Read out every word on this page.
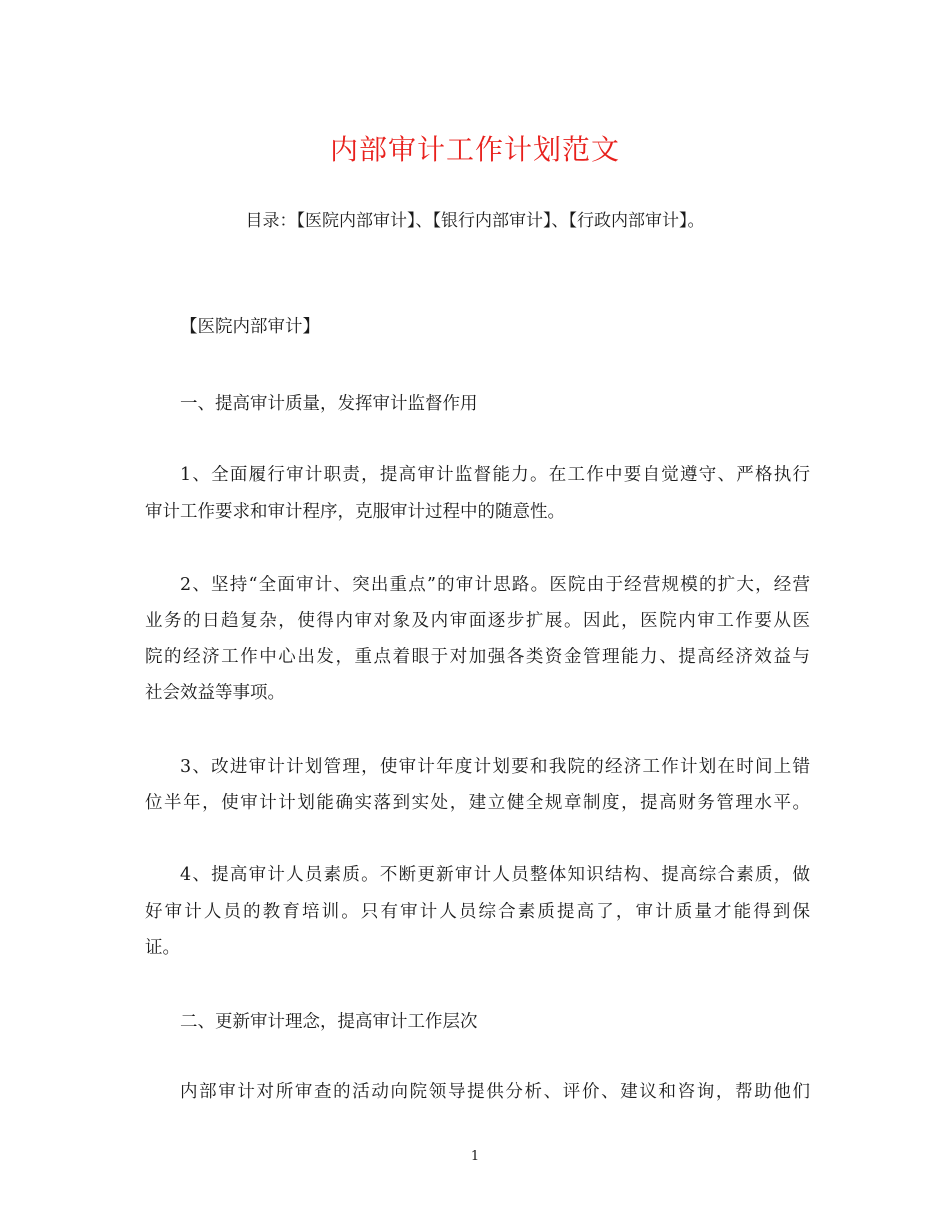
内部审计工作计划范文
目录：【医院内部审计】、【银行内部审计】、【行政内部审计】。
【医院内部审计】
一、提高审计质量，发挥审计监督作用
1、全面履行审计职责，提高审计监督能力。在工作中要自觉遵守、严格执行
审计工作要求和审计程序，克服审计过程中的随意性。
2、坚持“全面审计、突出重点”的审计思路。医院由于经营规模的扩大，经营
业务的日趋复杂，使得内审对象及内审面逐步扩展。因此，医院内审工作要从医
院的经济工作中心出发，重点着眼于对加强各类资金管理能力、提高经济效益与
社会效益等事项。
3、改进审计计划管理，使审计年度计划要和我院的经济工作计划在时间上错
位半年，使审计计划能确实落到实处，建立健全规章制度，提高财务管理水平。
4、提高审计人员素质。不断更新审计人员整体知识结构、提高综合素质，做
好审计人员的教育培训。只有审计人员综合素质提高了，审计质量才能得到保
证。
二、更新审计理念，提高审计工作层次
内部审计对所审查的活动向院领导提供分析、评价、建议和咨询，帮助他们
1
